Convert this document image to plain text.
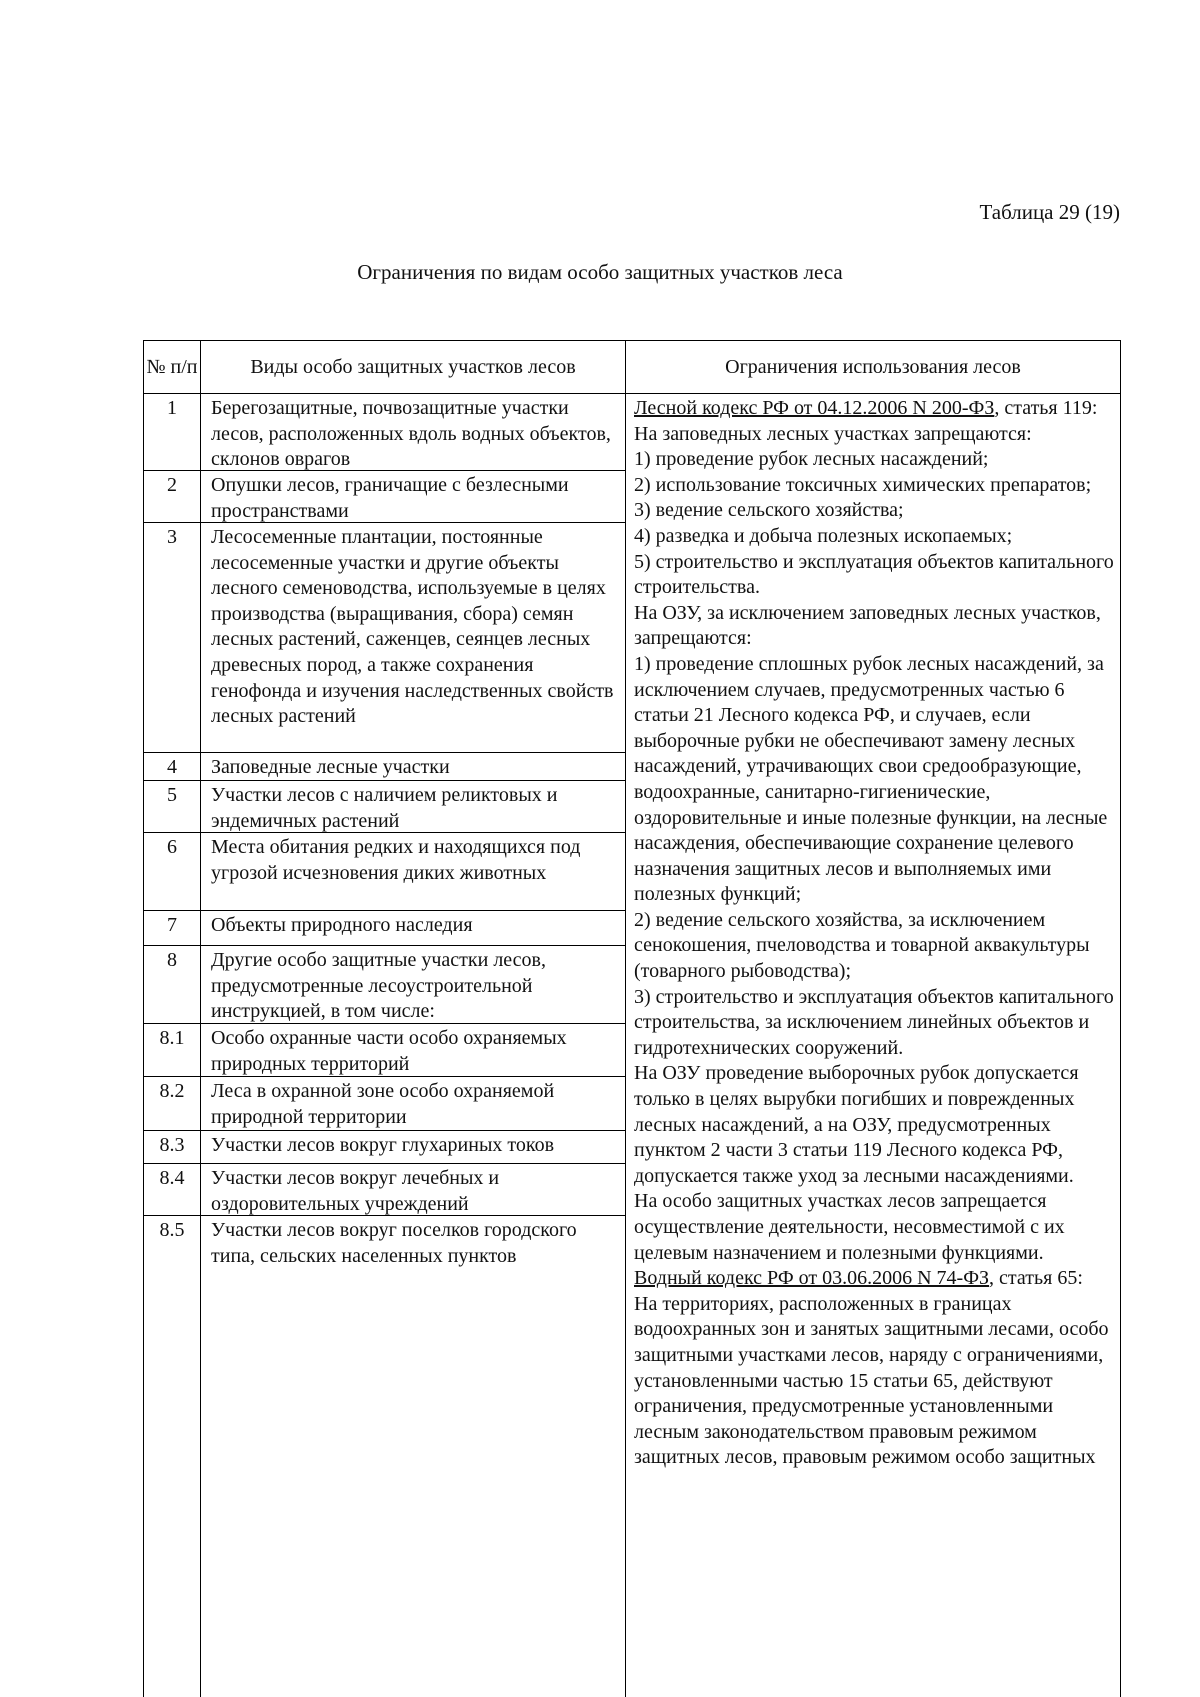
Таблица 29 (19)
Ограничения по видам особо защитных участков леса
№ п/п	Виды особо защитных участков лесов	Ограничения использования лесов
1	Берегозащитные, почвозащитные участки лесов, расположенных вдоль водных объектов, склонов оврагов
2	Опушки лесов, граничащие с безлесными пространствами
3	Лесосеменные плантации, постоянные лесосеменные участки и другие объекты лесного семеноводства, используемые в целях производства (выращивания, сбора) семян лесных растений, саженцев, сеянцев лесных древесных пород, а также сохранения генофонда и изучения наследственных свойств лесных растений
4	Заповедные лесные участки
5	Участки лесов с наличием реликтовых и эндемичных растений
6	Места обитания редких и находящихся под угрозой исчезновения диких животных
7	Объекты природного наследия
8	Другие особо защитные участки лесов, предусмотренные лесоустроительной инструкцией, в том числе:
8.1	Особо охранные части особо охраняемых природных территорий
8.2	Леса в охранной зоне особо охраняемой природной территории
8.3	Участки лесов вокруг глухариных токов
8.4	Участки лесов вокруг лечебных и оздоровительных учреждений
8.5	Участки лесов вокруг поселков городского типа, сельских населенных пунктов

Лесной кодекс РФ от 04.12.2006 N 200-ФЗ, статья 119:

На заповедных лесных участках запрещаются:

1) проведение рубок лесных насаждений;

2) использование токсичных химических препаратов;

3) ведение сельского хозяйства;

4) разведка и добыча полезных ископаемых;

5) строительство и эксплуатация объектов капитального строительства.

На ОЗУ, за исключением заповедных лесных участков, запрещаются:

1) проведение сплошных рубок лесных насаждений, за исключением случаев, предусмотренных частью 6 статьи 21 Лесного кодекса РФ, и случаев, если выборочные рубки не обеспечивают замену лесных насаждений, утрачивающих свои средообразующие, водоохранные, санитарно-гигиенические, оздоровительные и иные полезные функции, на лесные насаждения, обеспечивающие сохранение целевого назначения защитных лесов и выполняемых ими полезных функций;

2) ведение сельского хозяйства, за исключением сенокошения, пчеловодства и товарной аквакультуры (товарного рыбоводства);

3) строительство и эксплуатация объектов капитального строительства, за исключением линейных объектов и гидротехнических сооружений.

На ОЗУ проведение выборочных рубок допускается только в целях вырубки погибших и поврежденных лесных насаждений, а на ОЗУ, предусмотренных пунктом 2 части 3 статьи 119 Лесного кодекса РФ, допускается также уход за лесными насаждениями.

На особо защитных участках лесов запрещается осуществление деятельности, несовместимой с их целевым назначением и полезными функциями.

Водный кодекс РФ от 03.06.2006 N 74-ФЗ, статья 65:

На территориях, расположенных в границах водоохранных зон и занятых защитными лесами, особо защитными участками лесов, наряду с ограничениями, установленными частью 15 статьи 65, действуют ограничения, предусмотренные установленными лесным законодательством правовым режимом защитных лесов, правовым режимом особо защитных
